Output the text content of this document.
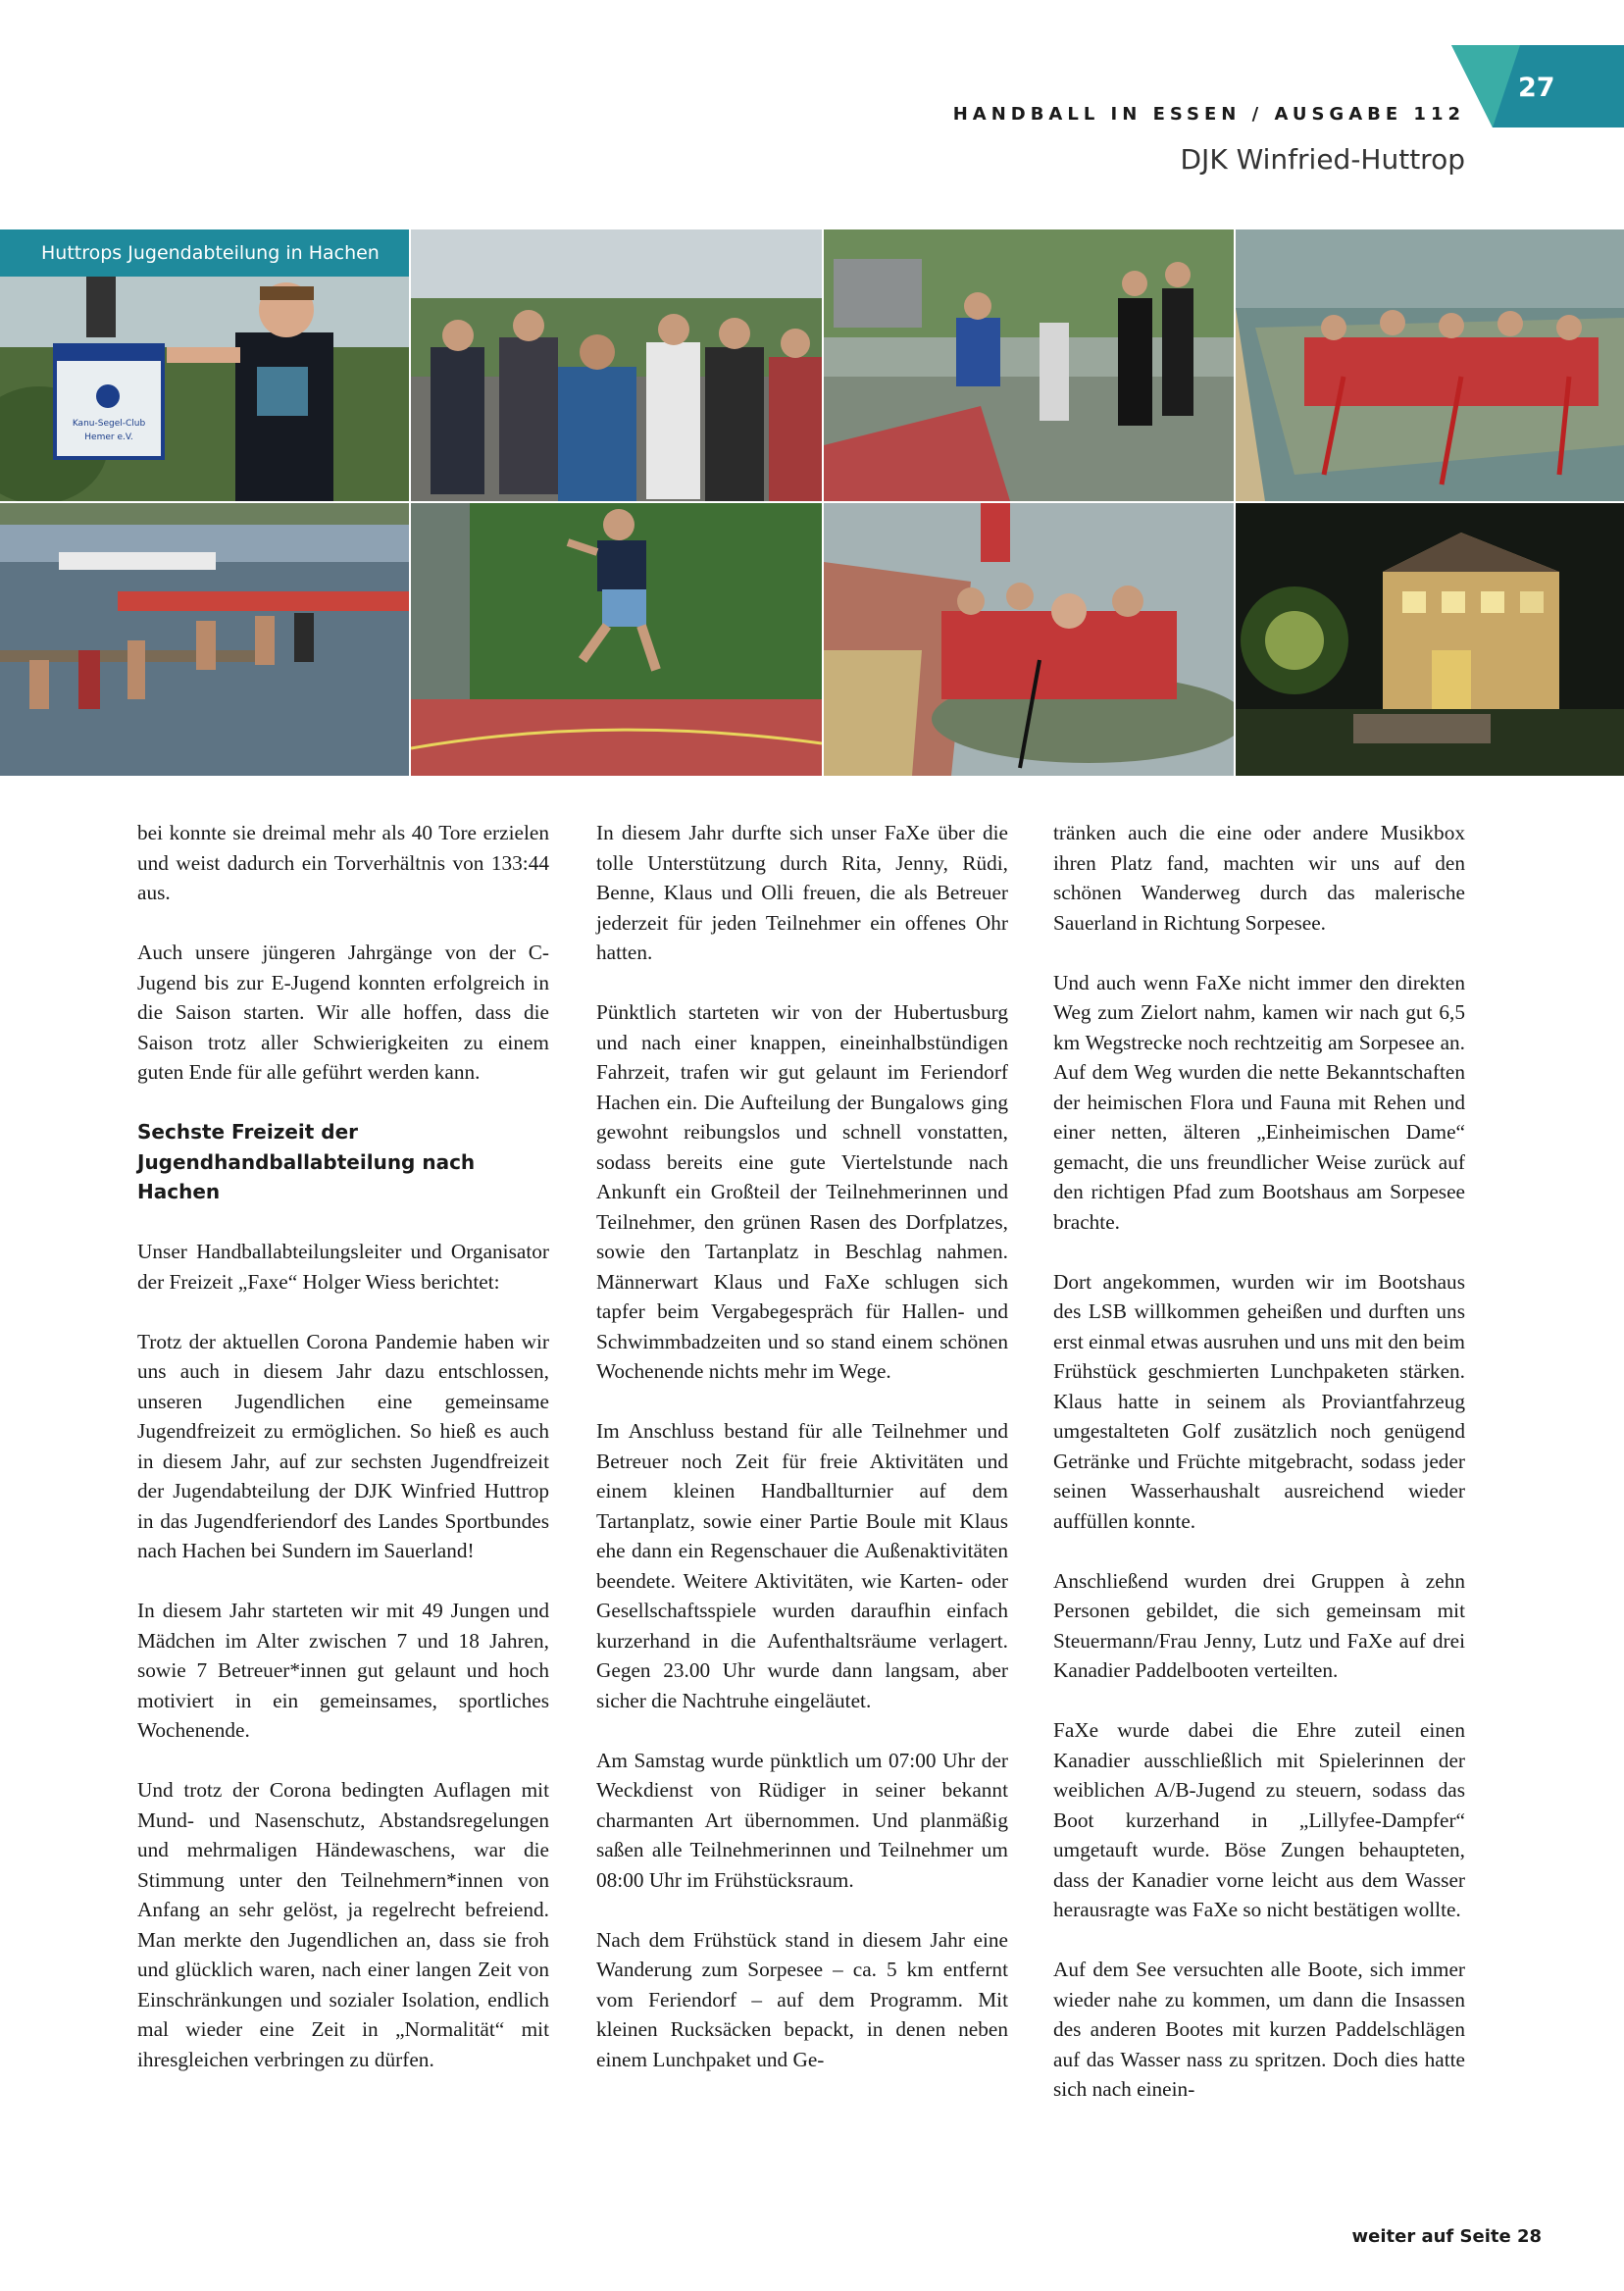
27
HANDBALL IN ESSEN / AUSGABE 112
DJK Winfried-Huttrop
Kanu-Segel-Club
Hemer e.V.
Huttrops Jugendabteilung in Hachen

bei konnte sie dreimal mehr als 40 Tore erzielen und weist dadurch ein Torverhältnis von 133:44 aus.

Auch unsere jüngeren Jahrgänge von der C-Jugend bis zur E-Jugend konnten erfolgreich in die Saison starten. Wir alle hoffen, dass die Saison trotz aller Schwierigkeiten zu einem guten Ende für alle geführt werden kann.

Sechste Freizeit der Jugendhandballabteilung nach Hachen

Unser Handballabteilungsleiter und Organisator der Freizeit „Faxe“ Holger Wiess berichtet:

Trotz der aktuellen Corona Pandemie haben wir uns auch in diesem Jahr dazu entschlossen, unseren Jugendlichen eine gemeinsame Jugendfreizeit zu ermöglichen. So hieß es auch in diesem Jahr, auf zur sechsten Jugendfreizeit der Jugendabteilung der DJK Winfried Huttrop in das Jugendferiendorf des Landes Sportbundes nach Hachen bei Sundern im Sauerland!

In diesem Jahr starteten wir mit 49 Jungen und Mädchen im Alter zwischen 7 und 18 Jahren, sowie 7 Betreuer*innen gut gelaunt und hoch motiviert in ein gemeinsames, sportliches Wochenende.

Und trotz der Corona bedingten Auflagen mit Mund- und Nasenschutz, Abstandsregelungen und mehrmaligen Händewaschens, war die Stimmung unter den Teilnehmern*innen von Anfang an sehr gelöst, ja regelrecht befreiend. Man merkte den Jugendlichen an, dass sie froh und glücklich waren, nach einer langen Zeit von Einschränkungen und sozialer Isolation, endlich mal wieder eine Zeit in „Normalität“ mit ihresgleichen verbringen zu dürfen.

In diesem Jahr durfte sich unser FaXe über die tolle Unterstützung durch Rita, Jenny, Rüdi, Benne, Klaus und Olli freuen, die als Betreuer jederzeit für jeden Teilnehmer ein offenes Ohr hatten.

Pünktlich starteten wir von der Hubertusburg und nach einer knappen, eineinhalbstündigen Fahrzeit, trafen wir gut gelaunt im Feriendorf Hachen ein. Die Aufteilung der Bungalows ging gewohnt reibungslos und schnell vonstatten, sodass bereits eine gute Viertelstunde nach Ankunft ein Großteil der Teilnehmerinnen und Teilnehmer, den grünen Rasen des Dorfplatzes, sowie den Tartanplatz in Beschlag nahmen. Männerwart Klaus und FaXe schlugen sich tapfer beim Vergabegespräch für Hallen- und Schwimmbadzeiten und so stand einem schönen Wochenende nichts mehr im Wege.

Im Anschluss bestand für alle Teilnehmer und Betreuer noch Zeit für freie Aktivitäten und einem kleinen Handballturnier auf dem Tartanplatz, sowie einer Partie Boule mit Klaus ehe dann ein Regenschauer die Außenaktivitäten beendete. Weitere Aktivitäten, wie Karten- oder Gesellschaftsspiele wurden daraufhin einfach kurzerhand in die Aufenthaltsräume verlagert. Gegen 23.00 Uhr wurde dann langsam, aber sicher die Nachtruhe eingeläutet.

Am Samstag wurde pünktlich um 07:00 Uhr der Weckdienst von Rüdiger in seiner bekannt charmanten Art übernommen. Und planmäßig saßen alle Teilnehmerinnen und Teilnehmer um 08:00 Uhr im Frühstücksraum.

Nach dem Frühstück stand in diesem Jahr eine Wanderung zum Sorpesee – ca. 5 km entfernt vom Feriendorf – auf dem Programm. Mit kleinen Rucksäcken bepackt, in denen neben einem Lunchpaket und Ge-

tränken auch die eine oder andere Musikbox ihren Platz fand, machten wir uns auf den schönen Wanderweg durch das malerische Sauerland in Richtung Sorpesee.

Und auch wenn FaXe nicht immer den direkten Weg zum Zielort nahm, kamen wir nach gut 6,5 km Wegstrecke noch rechtzeitig am Sorpesee an. Auf dem Weg wurden die nette Bekanntschaften der heimischen Flora und Fauna mit Rehen und einer netten, älteren „Einheimischen Dame“ gemacht, die uns freundlicher Weise zurück auf den richtigen Pfad zum Bootshaus am Sorpesee brachte.

Dort angekommen, wurden wir im Bootshaus des LSB willkommen geheißen und durften uns erst einmal etwas ausruhen und uns mit den beim Frühstück geschmierten Lunchpaketen stärken. Klaus hatte in seinem als Proviantfahrzeug umgestalteten Golf zusätzlich noch genügend Getränke und Früchte mitgebracht, sodass jeder seinen Wasserhaushalt ausreichend wieder auffüllen konnte.

Anschließend wurden drei Gruppen à zehn Personen gebildet, die sich gemeinsam mit Steuermann/Frau Jenny, Lutz und FaXe auf drei Kanadier Paddelbooten verteilten.

FaXe wurde dabei die Ehre zuteil einen Kanadier ausschließlich mit Spielerinnen der weiblichen A/B-Jugend zu steuern, sodass das Boot kurzerhand in „Lillyfee-Dampfer“ umgetauft wurde. Böse Zungen behaupteten, dass der Kanadier vorne leicht aus dem Wasser herausragte was FaXe so nicht bestätigen wollte.

Auf dem See versuchten alle Boote, sich immer wieder nahe zu kommen, um dann die Insassen des anderen Bootes mit kurzen Paddelschlägen auf das Wasser nass zu spritzen. Doch dies hatte sich nach einein-

weiter auf Seite 28
